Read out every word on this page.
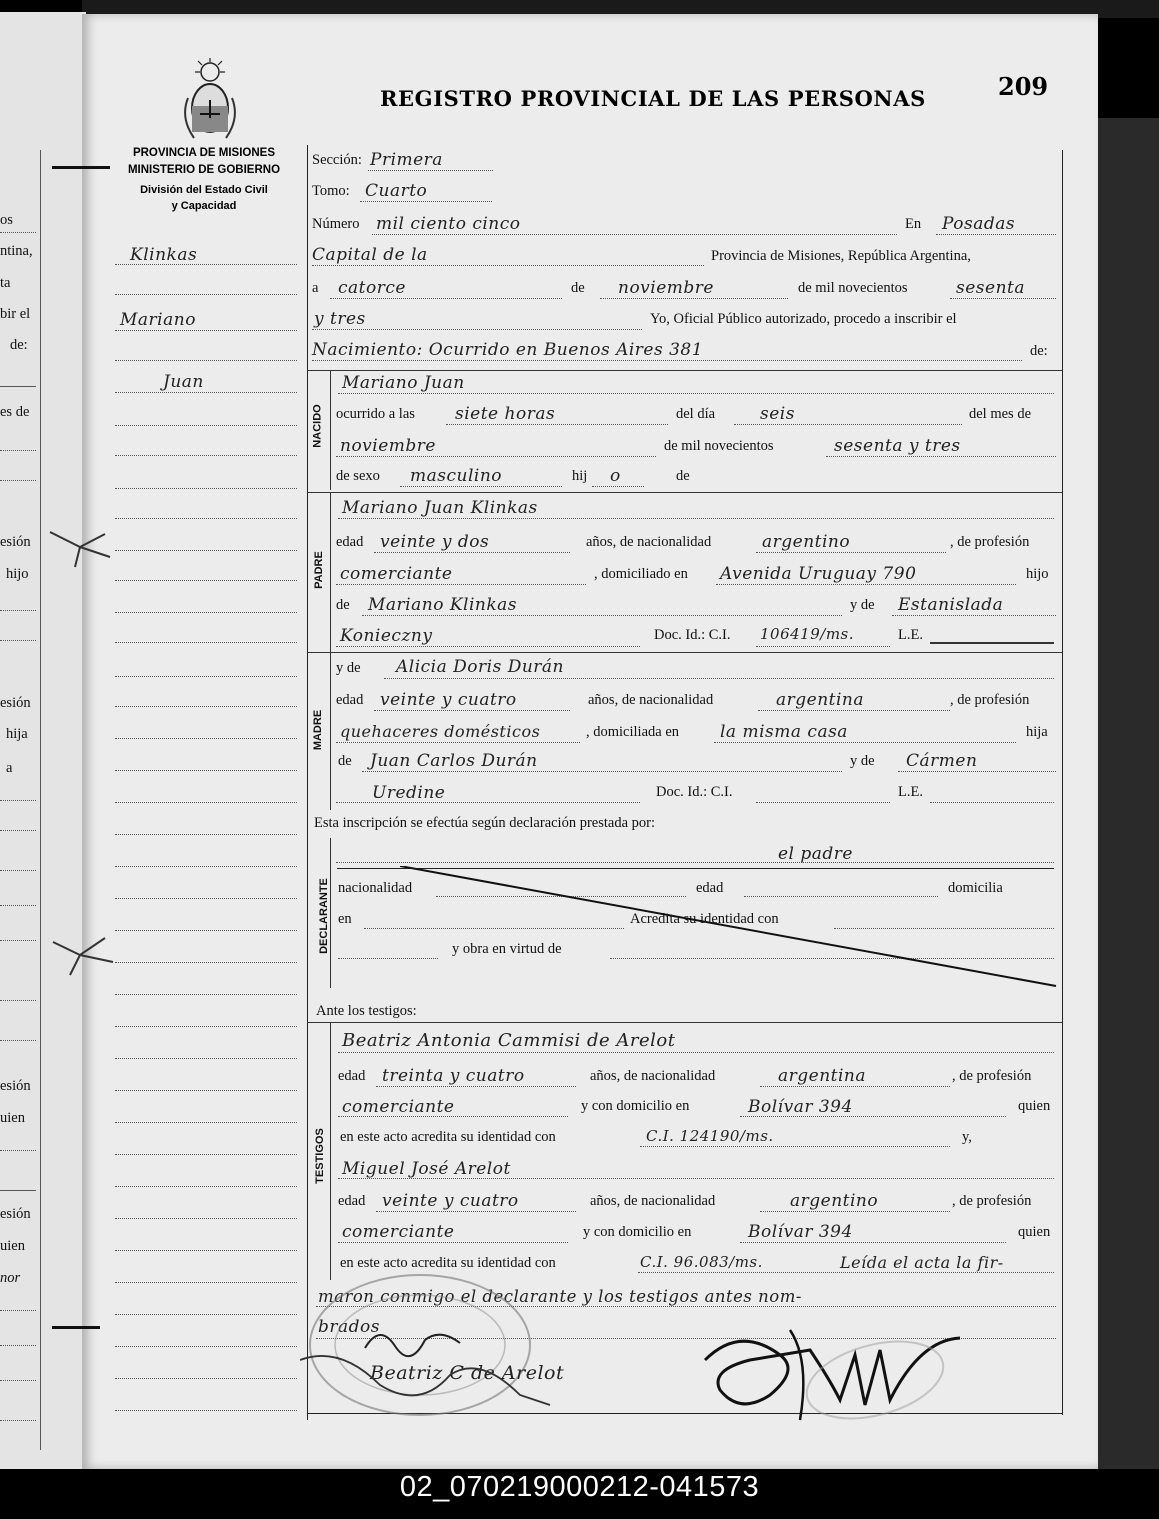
os
ntina,
ta
bir el
de:
es de
esión
hijo
esión
hija
a
esión
uien
esión
uien
nor
PROVINCIA DE MISIONES
MINISTERIO DE GOBIERNO
División del Estado Civil
y Capacidad
REGISTRO PROVINCIAL DE LAS PERSONAS	209
Klinkas
Mariano
Juan
Sección: Primera
Tomo: Cuarto
Número mil ciento cinco	En Posadas
Capital de la	Provincia de Misiones, República Argentina,
a catorce	de noviembre	de mil novecientos	sesenta
y tres	Yo, Oficial Público autorizado, procedo a inscribir el
Nacimiento: Ocurrido en Buenos Aires 381	de:
NACIDO
Mariano Juan
ocurrido a las siete horas	del día	seis	del mes de
noviembre	de mil novecientos	sesenta y tres
de sexo masculino	hij o	de
PADRE
Mariano Juan Klinkas
edad veinte y dos	años, de nacionalidad	argentino	, de profesión
comerciante	, domiciliado en Avenida Uruguay 790	hijo
de Mariano Klinkas	y de Estanislada
Konieczny	Doc. Id.: C.I. 106419/ms.	L.E.
MADRE
y de Alicia Doris Durán
edad veinte y cuatro	años, de nacionalidad	argentina	, de profesión
quehaceres domésticos	, domiciliada en la misma casa	hija
de Juan Carlos Durán	y de Cármen
Uredine	Doc. Id.: C.I.	L.E.
Esta inscripción se efectúa según declaración prestada por:
DECLARANTE
el padre
nacionalidad	edad	domicilia
en	Acredita su identidad con
y obra en virtud de
Ante los testigos:
TESTIGOS
Beatriz Antonia Cammisi de Arelot
edad treinta y cuatro	años, de nacionalidad	argentina	, de profesión
comerciante	y con domicilio en	Bolívar 394	quien
en este acto acredita su identidad con	C.I. 124190/ms.	y,
Miguel José Arelot
edad veinte y cuatro	años, de nacionalidad	argentino	, de profesión
comerciante	y con domicilio en	Bolívar 394	quien
en este acto acredita su identidad con	C.I. 96.083/ms.	Leída el acta la fir-
maron conmigo el declarante y los testigos antes nom-
brados
Beatriz C de Arelot
02_070219000212-041573
